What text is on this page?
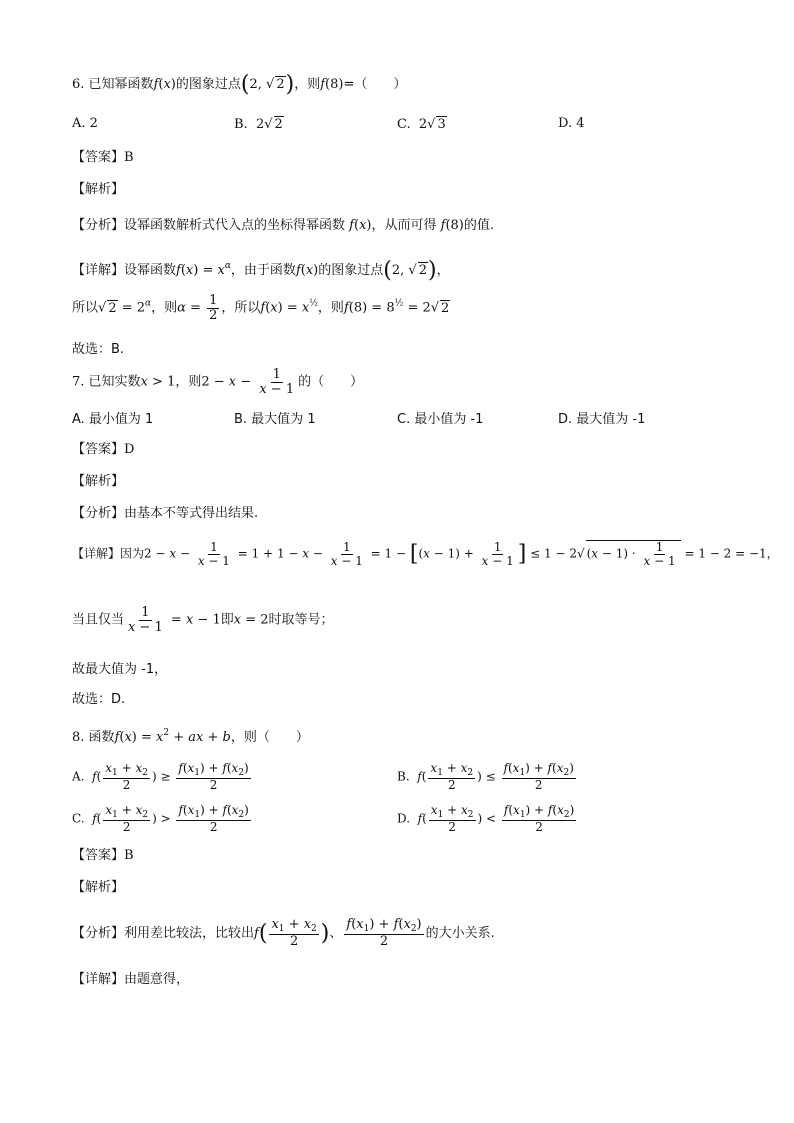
6. 已知幂函数f(x)的图象过点(2, √ 2)，则f(8)=（　　）
A. 2	B. 2√ 2	C. 2√ 3	D. 4
【答案】B
【解析】
【分析】设幂函数解析式代入点的坐标得幂函数 f(x)，从而可得 f(8)的值.
【详解】设幂函数$f(x) = x^\alpha$，由于函数f(x)的图象过点(2, √ 2)，
所以√ $2 = 2^\alpha$，则$\alpha = \frac{1}{2}$ ，所以$f(x) = x^{\frac{1}{2}}$，则$f(8) = 8^{\frac{1}{2}} = 2√$ 2
故选：B.
7. 已知实数x > 1，则$2 - x - \frac{1}{x - 1}$ 的（　　）
A. 最小值为 1	B. 最大值为 1	C. 最小值为 -1	D. 最大值为 -1
【答案】D
【解析】
【分析】由基本不等式得出结果.
【详解】因为$2 - x - \frac{1}{x - 1} = 1 + 1 - x - \frac{1}{x - 1} = 1 - [(x - 1) + \frac{1}{x - 1}$ ] ≤ 1 − 2√ $(x - 1) \cdot \frac{1}{x - 1} = 1 - 2 = -1$，
当且仅当 $\frac{1}{x - 1} = x - 1$即x = 2时取等号；
故最大值为 -1，
故选：D.
8. 函数$f(x) = x^2$ + ax + b，则（　　）
A. $f( \frac{x_1 + x_2}{2}$ ) ≥ $\frac{f(x_1) + f(x_2)}{2}$	B. $f( \frac{x_1 + x_2}{2}$ ) ≤ $\frac{f(x_1) + f(x_2)}{2}$
C. $f( \frac{x_1 + x_2}{2}$ ) > $\frac{f(x_1) + f(x_2)}{2}$	D. $f( \frac{x_1 + x_2}{2}$ ) < $\frac{f(x_1) + f(x_2)}{2}$
【答案】B
【解析】
【分析】利用差比较法，比较出$f( \frac{x_1 + x_2}{2}$ )、 $\frac{f(x_1) + f(x_2)}{2}$ 的大小关系.
【详解】由题意得，
